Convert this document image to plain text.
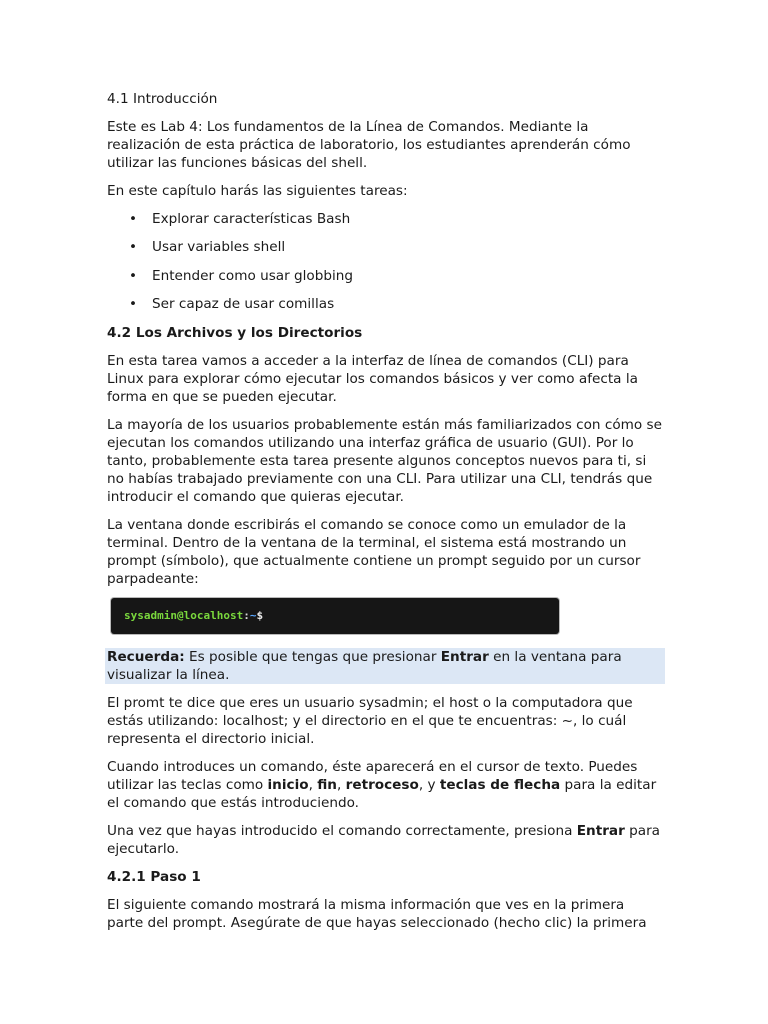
4.1 Introducción

Este es Lab 4: Los fundamentos de la Línea de Comandos. Mediante la realización de esta práctica de laboratorio, los estudiantes aprenderán cómo utilizar las funciones básicas del shell.

En este capítulo harás las siguientes tareas:

• Explorar características Bash
• Usar variables shell
• Entender como usar globbing
• Ser capaz de usar comillas
4.2 Los Archivos y los Directorios

En esta tarea vamos a acceder a la interfaz de línea de comandos (CLI) para Linux para explorar cómo ejecutar los comandos básicos y ver como afecta la forma en que se pueden ejecutar.

La mayoría de los usuarios probablemente están más familiarizados con cómo se ejecutan los comandos utilizando una interfaz gráfica de usuario (GUI). Por lo tanto, probablemente esta tarea presente algunos conceptos nuevos para ti, si no habías trabajado previamente con una CLI. Para utilizar una CLI, tendrás que introducir el comando que quieras ejecutar.

La ventana donde escribirás el comando se conoce como un emulador de la terminal. Dentro de la ventana de la terminal, el sistema está mostrando un prompt (símbolo), que actualmente contiene un prompt seguido por un cursor parpadeante:

sysadmin@localhost : ~ $
Recuerda: Es posible que tengas que presionar Entrar en la ventana para visualizar la línea.

El promt te dice que eres un usuario sysadmin; el host o la computadora que estás utilizando: localhost; y el directorio en el que te encuentras: ~, lo cuál representa el directorio inicial.

Cuando introduces un comando, éste aparecerá en el cursor de texto. Puedes utilizar las teclas como inicio, fin, retroceso, y teclas de flecha para la editar el comando que estás introduciendo.

Una vez que hayas introducido el comando correctamente, presiona Entrar para ejecutarlo.

4.2.1 Paso 1

El siguiente comando mostrará la misma información que ves en la primera parte del prompt. Asegúrate de que hayas seleccionado (hecho clic) la primera
